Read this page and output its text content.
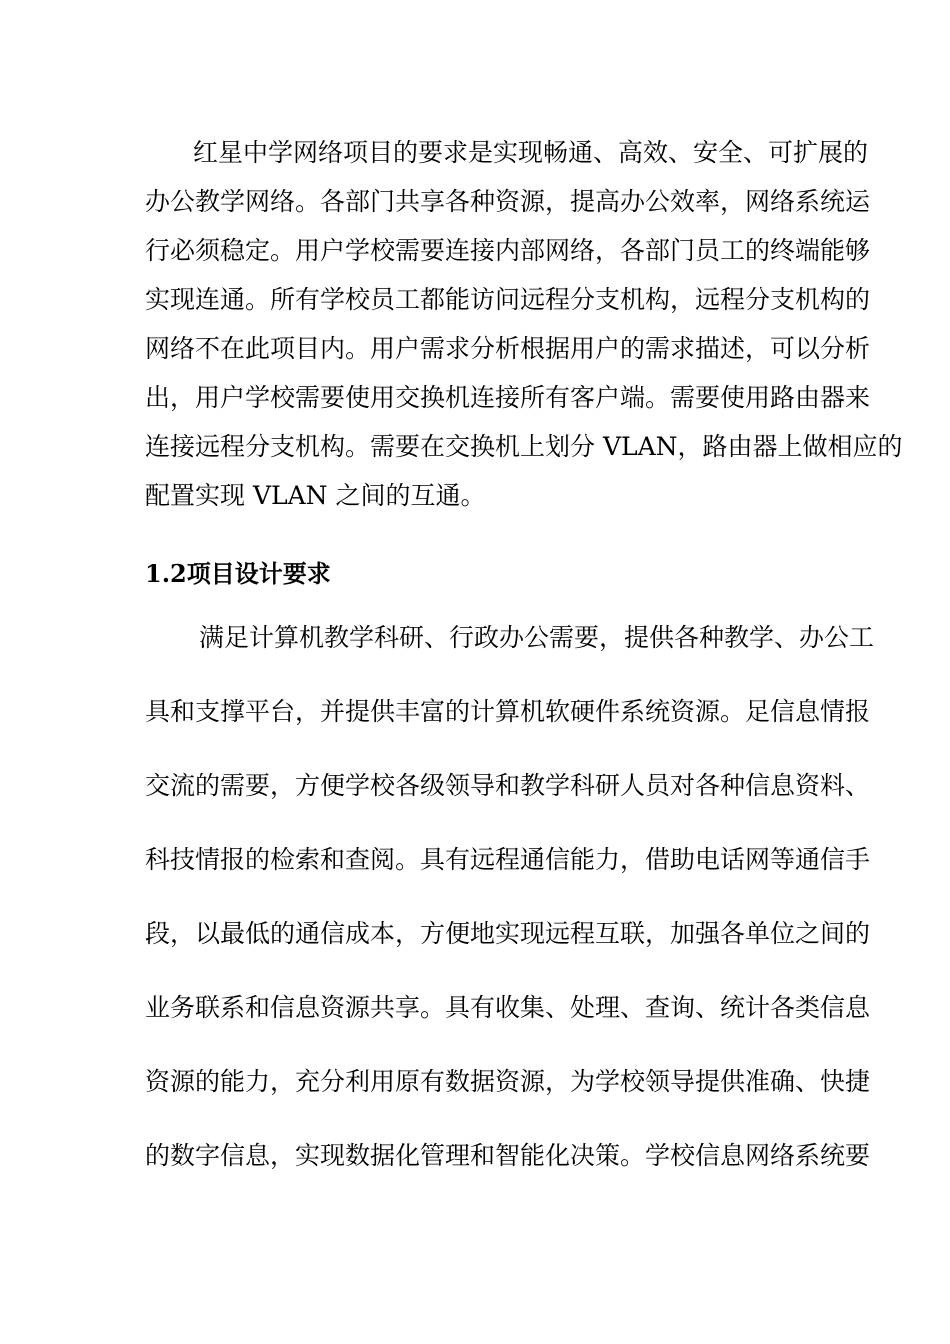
红星中学网络项目的要求是实现畅通、高效、安全、可扩展的
办公教学网络。各部门共享各种资源，提高办公效率，网络系统运
行必须稳定。用户学校需要连接内部网络，各部门员工的终端能够
实现连通。所有学校员工都能访问远程分支机构，远程分支机构的
网络不在此项目内。用户需求分析根据用户的需求描述，可以分析
出，用户学校需要使用交换机连接所有客户端。需要使用路由器来
连接远程分支机构。需要在交换机上划分 VLAN，路由器上做相应的
配置实现 VLAN 之间的互通。
1.2项目设计要求
满足计算机教学科研、行政办公需要，提供各种教学、办公工
具和支撑平台，并提供丰富的计算机软硬件系统资源。足信息情报
交流的需要，方便学校各级领导和教学科研人员对各种信息资料、
科技情报的检索和查阅。具有远程通信能力，借助电话网等通信手
段，以最低的通信成本，方便地实现远程互联，加强各单位之间的
业务联系和信息资源共享。具有收集、处理、查询、统计各类信息
资源的能力，充分利用原有数据资源，为学校领导提供准确、快捷
的数字信息，实现数据化管理和智能化决策。学校信息网络系统要
